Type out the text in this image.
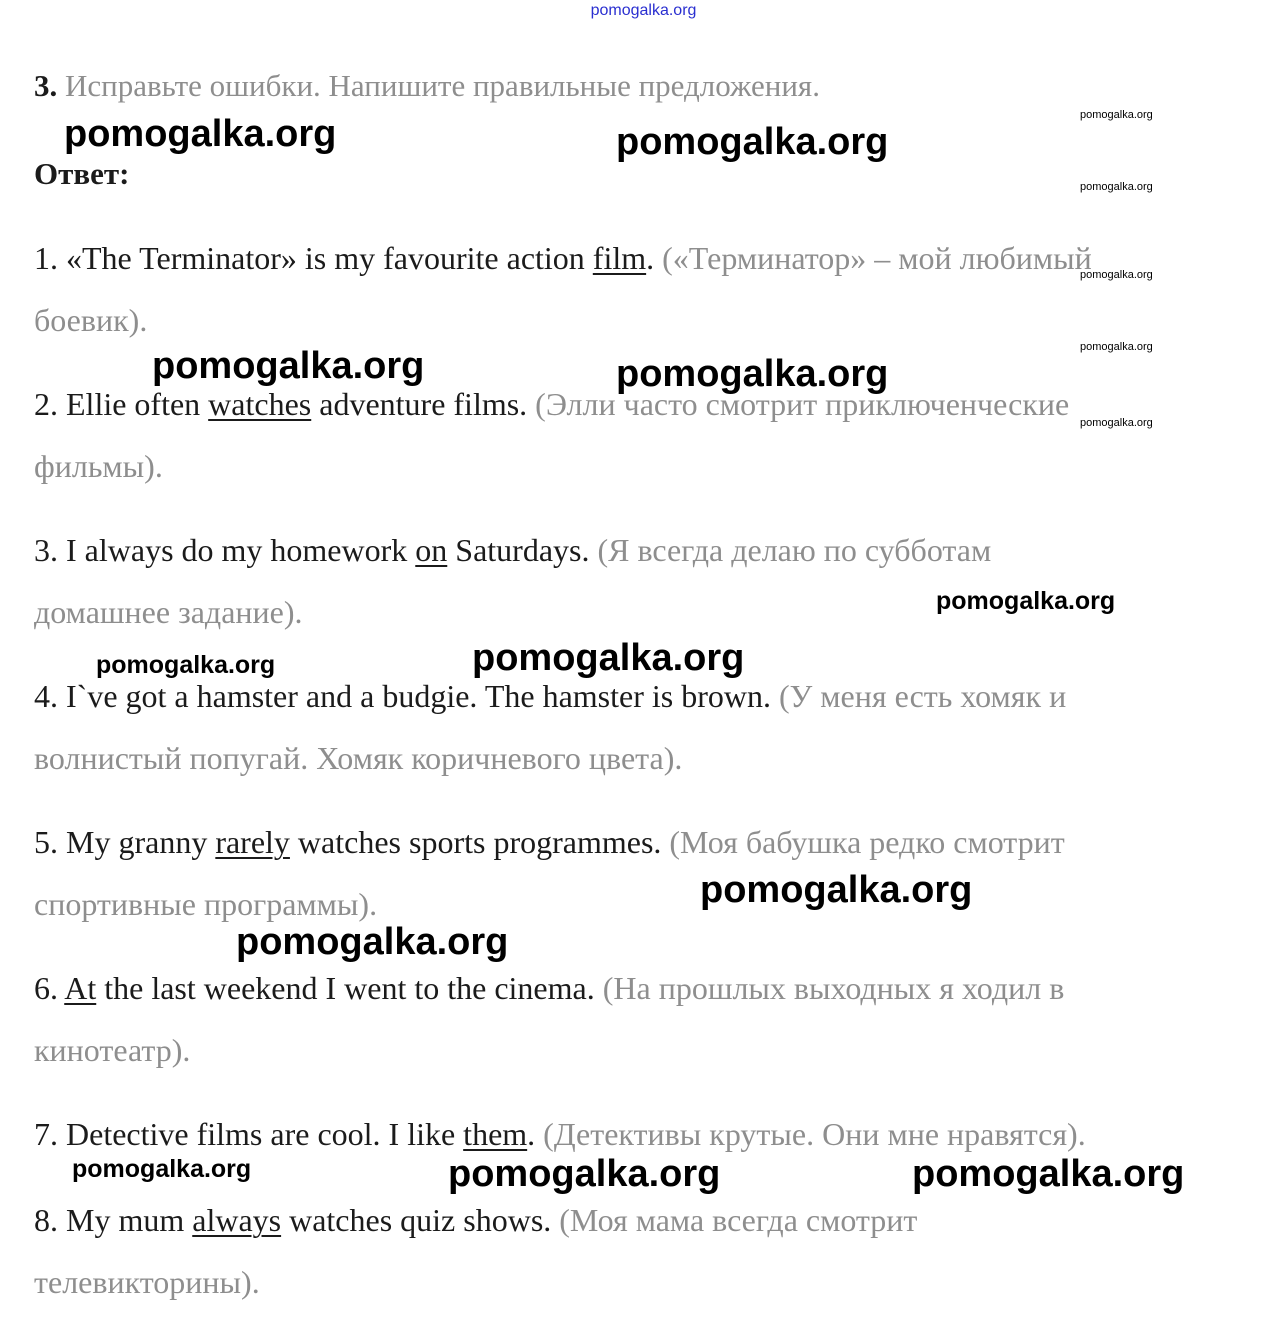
pomogalka.org
3. Исправьте ошибки. Напишите правильные предложения.
Ответ:
1. «The Terminator» is my favourite action film. («Терминатор» – мой любимый
боевик).
2. Ellie often watches adventure films. (Элли часто смотрит приключенческие
фильмы).
3. I always do my homework on Saturdays. (Я всегда делаю по субботам
домашнее задание).
4. I`ve got a hamster and a budgie. The hamster is brown. (У меня есть хомяк и
волнистый попугай. Хомяк коричневого цвета).
5. My granny rarely watches sports programmes. (Моя бабушка редко смотрит
спортивные программы).
6. At the last weekend I went to the cinema. (На прошлых выходных я ходил в
кинотеатр).
7. Detective films are cool. I like them. (Детективы крутые. Они мне нравятся).
8. My mum always watches quiz shows. (Моя мама всегда смотрит
телевикторины).
pomogalka.org	pomogalka.org
pomogalka.org
pomogalka.org
pomogalka.org
pomogalka.org
pomogalka.org
pomogalka.org	pomogalka.org
pomogalka.org
pomogalka.org	pomogalka.org
pomogalka.org
pomogalka.org
pomogalka.org	pomogalka.org	pomogalka.org
